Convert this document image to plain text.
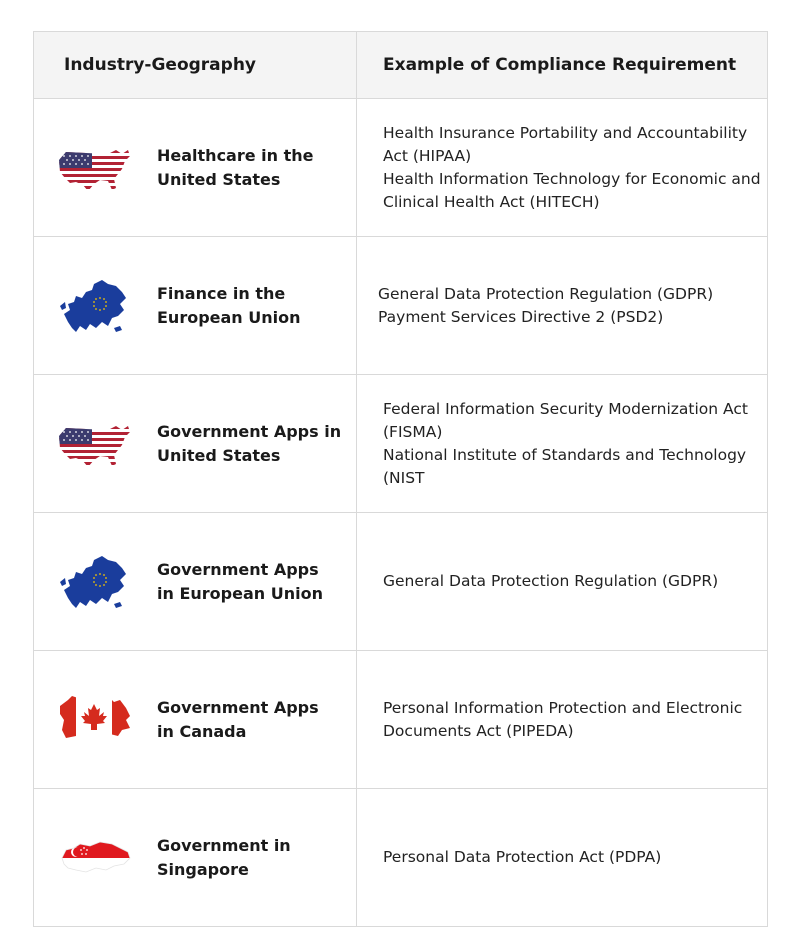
Industry-Geography	Example of Compliance Requirement
Healthcare in the
United States
Health Insurance Portability and Accountability Act (HIPAA)
Health Information Technology for Economic and Clinical Health Act (HITECH)
Finance in the
European Union
General Data Protection Regulation (GDPR)
Payment Services Directive 2 (PSD2)
Government Apps in
United States
Federal Information Security Modernization Act (FISMA)
National Institute of Standards and Technology (NIST
Government Apps
in European Union
General Data Protection Regulation (GDPR)
Government Apps
in Canada
Personal Information Protection and Electronic Documents Act (PIPEDA)
Government in
Singapore
Personal Data Protection Act (PDPA)
